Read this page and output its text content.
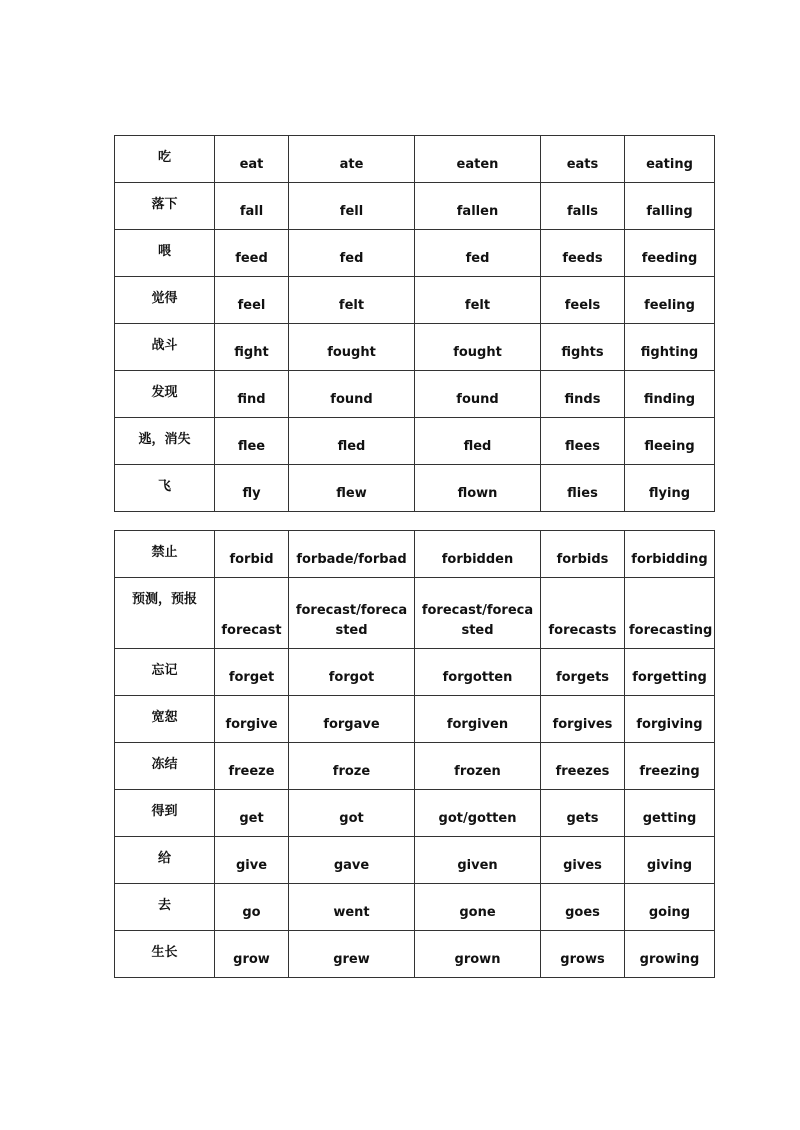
吃	eat	ate	eaten	eats	eating

落下	fall	fell	fallen	falls	falling

喂	feed	fed	fed	feeds	feeding

觉得	feel	felt	felt	feels	feeling

战斗	fight	fought	fought	fights	fighting

发现	find	found	found	finds	finding

逃，消失	flee	fled	fled	flees	fleeing

飞	fly	flew	flown	flies	flying
禁止	forbid	forbade/forbad	forbidden	forbids	forbidding

预测，预报	forecast	forecast/forecasted	forecast/forecasted	forecasts	forecasting

忘记	forget	forgot	forgotten	forgets	forgetting

宽恕	forgive	forgave	forgiven	forgives	forgiving

冻结	freeze	froze	frozen	freezes	freezing

得到	get	got	got/gotten	gets	getting

给	give	gave	given	gives	giving

去	go	went	gone	goes	going

生长	grow	grew	grown	grows	growing
